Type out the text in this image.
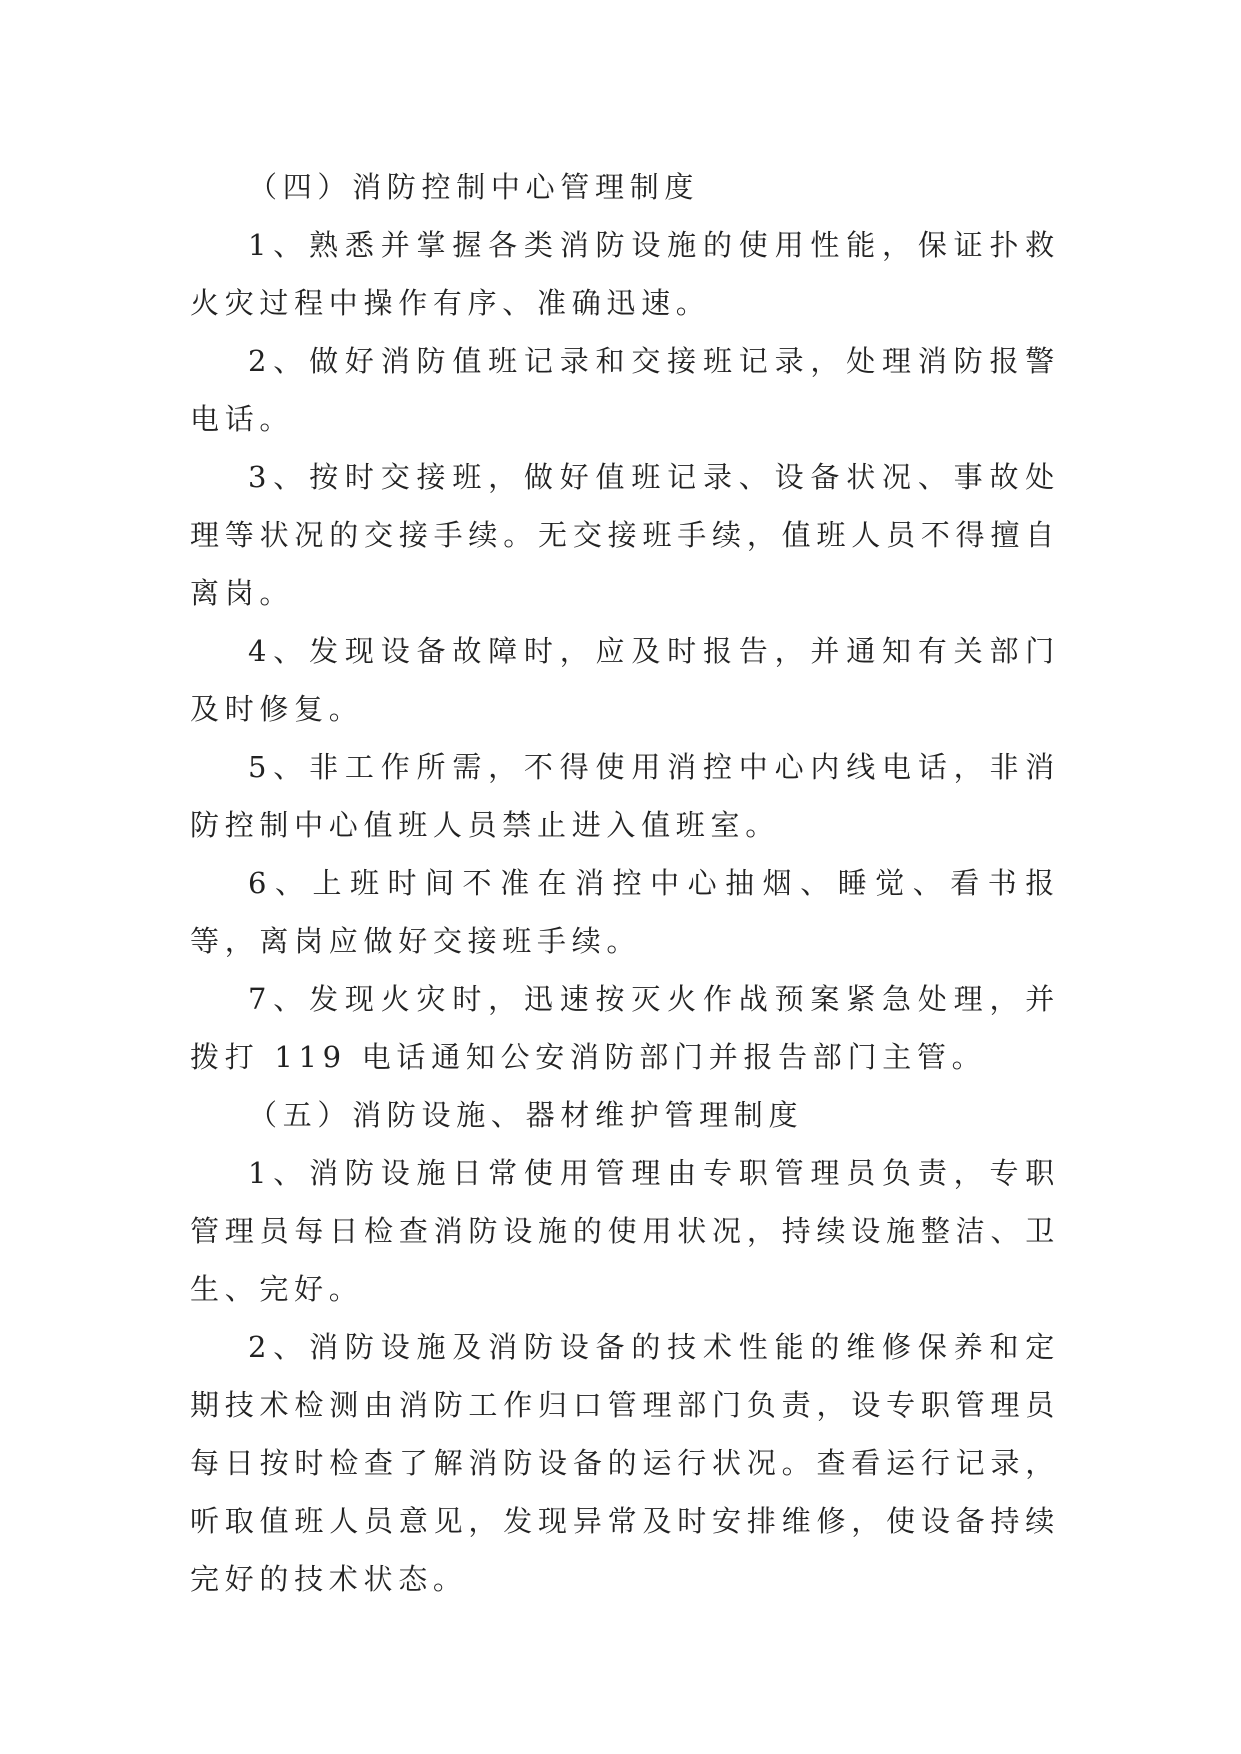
（四）消防控制中心管理制度

1、熟悉并掌握各类消防设施的使用性能，保证扑救火灾过程中操作有序、准确迅速。

2、做好消防值班记录和交接班记录，处理消防报警电话。

3、按时交接班，做好值班记录、设备状况、事故处理等状况的交接手续。无交接班手续，值班人员不得擅自离岗。

4、发现设备故障时，应及时报告，并通知有关部门及时修复。

5、非工作所需，不得使用消控中心内线电话，非消防控制中心值班人员禁止进入值班室。

6、上班时间不准在消控中心抽烟、睡觉、看书报等，离岗应做好交接班手续。

7、发现火灾时，迅速按灭火作战预案紧急处理，并拨打 119 电话通知公安消防部门并报告部门主管。

（五）消防设施、器材维护管理制度

1、消防设施日常使用管理由专职管理员负责，专职管理员每日检查消防设施的使用状况，持续设施整洁、卫生、完好。

2、消防设施及消防设备的技术性能的维修保养和定期技术检测由消防工作归口管理部门负责，设专职管理员每日按时检查了解消防设备的运行状况。查看运行记录，听取值班人员意见，发现异常及时安排维修，使设备持续完好的技术状态。
